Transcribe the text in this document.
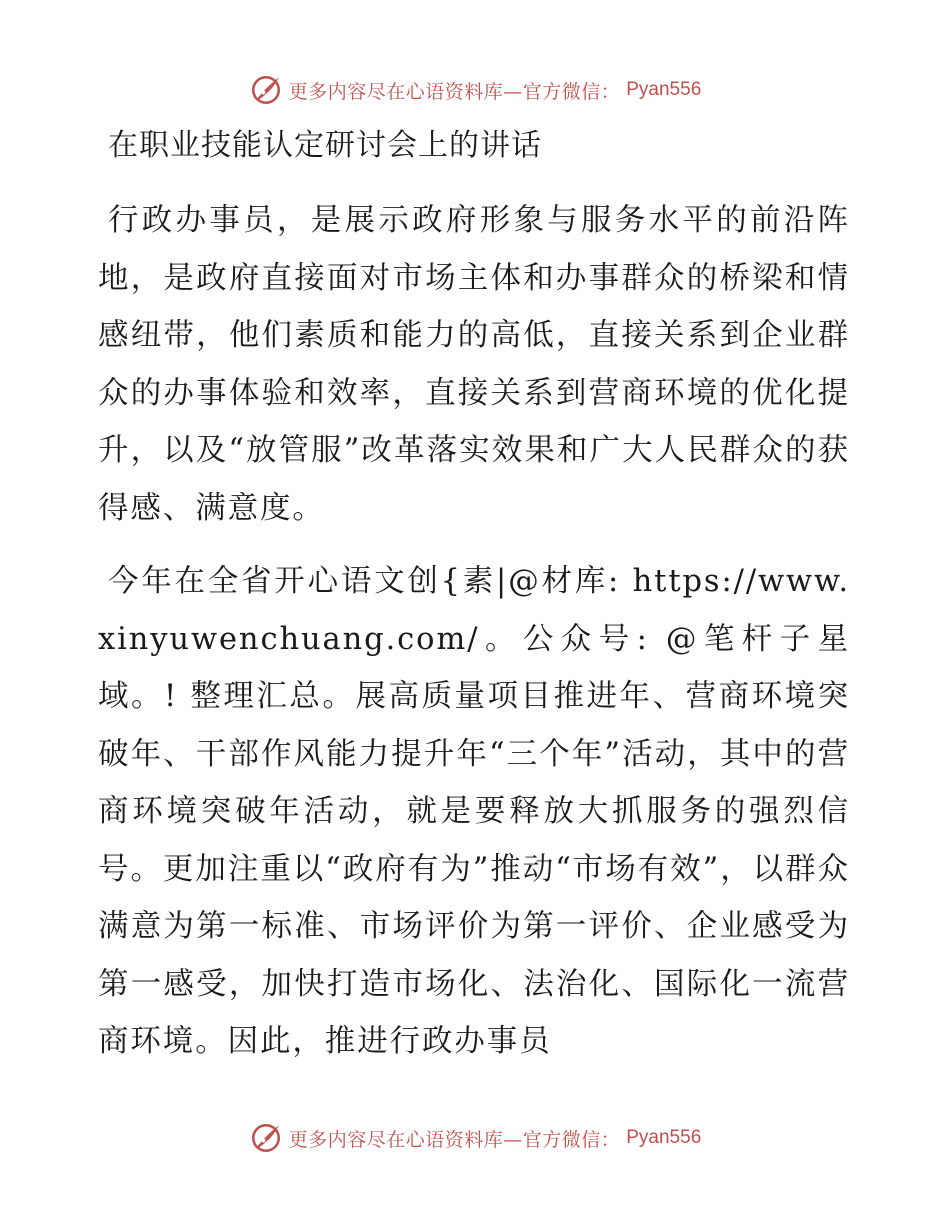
更多内容尽在心语资料库—官方微信： Pyan556
在职业技能认定研讨会上的讲话

行政办事员，是展示政府形象与服务水平的前沿阵地，是政府直接面对市场主体和办事群众的桥梁和情感纽带，他们素质和能力的高低，直接关系到企业群众的办事体验和效率，直接关系到营商环境的优化提升，以及“放管服”改革落实效果和广大人民群众的获得感、满意度。

今年在全省开心语文创{素|@材库: https://www.xinyuwenchuang.com/。公众号: @笔杆子星域。! 整理汇总。展高质量项目推进年、营商环境突破年、干部作风能力提升年“三个年”活动，其中的营商环境突破年活动，就是要释放大抓服务的强烈信号。更加注重以“政府有为”推动“市场有效”，以群众满意为第一标准、市场评价为第一评价、企业感受为第一感受，加快打造市场化、法治化、国际化一流营商环境。因此，推进行政办事员

更多内容尽在心语资料库—官方微信： Pyan556
